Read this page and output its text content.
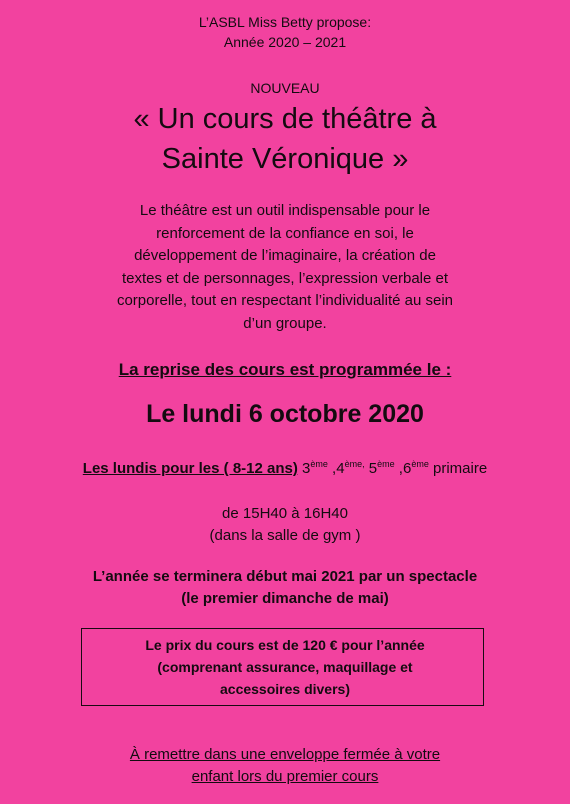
L’ASBL Miss Betty propose:
Année 2020 – 2021
NOUVEAU
« Un cours de théâtre à
Sainte Véronique »
Le théâtre est un outil indispensable pour le
renforcement de la confiance en soi, le
développement de l’imaginaire, la création de
textes et de personnages, l’expression verbale et
corporelle, tout en respectant l’individualité au sein
d’un groupe.
La reprise des cours est programmée le :
Le lundi 6 octobre 2020
Les lundis pour les ( 8-12 ans) 3ème $,4^{ème,}$ 5ème ,6ème primaire
de 15H40 à 16H40
(dans la salle de gym )
L’année se terminera début mai 2021 par un spectacle
(le premier dimanche de mai)
Le prix du cours est de 120 € pour l’année
(comprenant assurance, maquillage et
accessoires divers)
À remettre dans une enveloppe fermée à votre
enfant lors du premier cours
